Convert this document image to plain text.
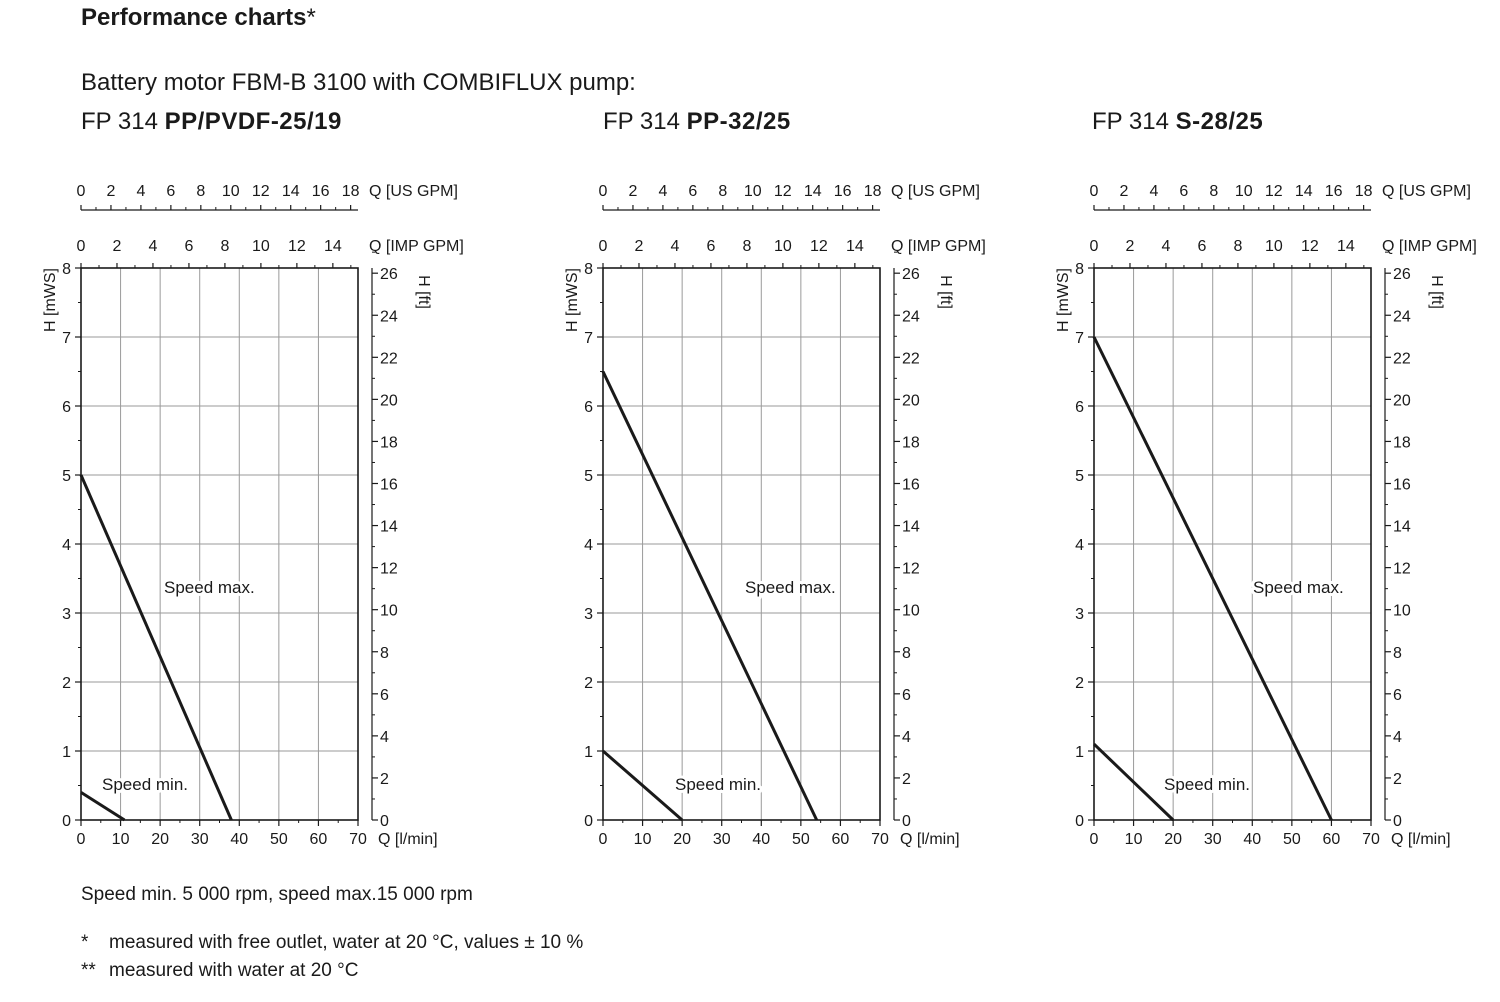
Performance charts*
Battery motor FBM-B 3100 with COMBIFLUX pump:
FP 314 PP/PVDF-25/19	FP 314 PP-32/25	FP 314 S-28/25
0 10 20 30 40 50 60 70 Q [l/min]
0
1
2
3
4
5
6
7
8
H [mWS]
0
2
4
6
8
10
12
14
16
18
20
22
24
26
H [ft]
0 2 4 6 8 10 12 14 16 18 Q [US GPM]
0 2 4 6 8 10 12 14 Q [IMP GPM]
Speed max.
Speed min.
0 10 20 30 40 50 60 70 Q [l/min]
0
1
2
3
4
5
6
7
8
H [mWS]
0
2
4
6
8
10
12
14
16
18
20
22
24
26
H [ft]
0 2 4 6 8 10 12 14 16 18 Q [US GPM]
0 2 4 6 8 10 12 14 Q [IMP GPM]
Speed max.
Speed min.
0 10 20 30 40 50 60 70 Q [l/min]
0
1
2
3
4
5
6
7
8
H [mWS]
0
2
4
6
8
10
12
14
16
18
20
22
24
26
H [ft]
0 2 4 6 8 10 12 14 16 18 Q [US GPM]
0 2 4 6 8 10 12 14 Q [IMP GPM]
Speed max.
Speed min.
Speed min. 5 000 rpm, speed max.15 000 rpm
* measured with free outlet, water at 20 °C, values ± 10 %
** measured with water at 20 °C
